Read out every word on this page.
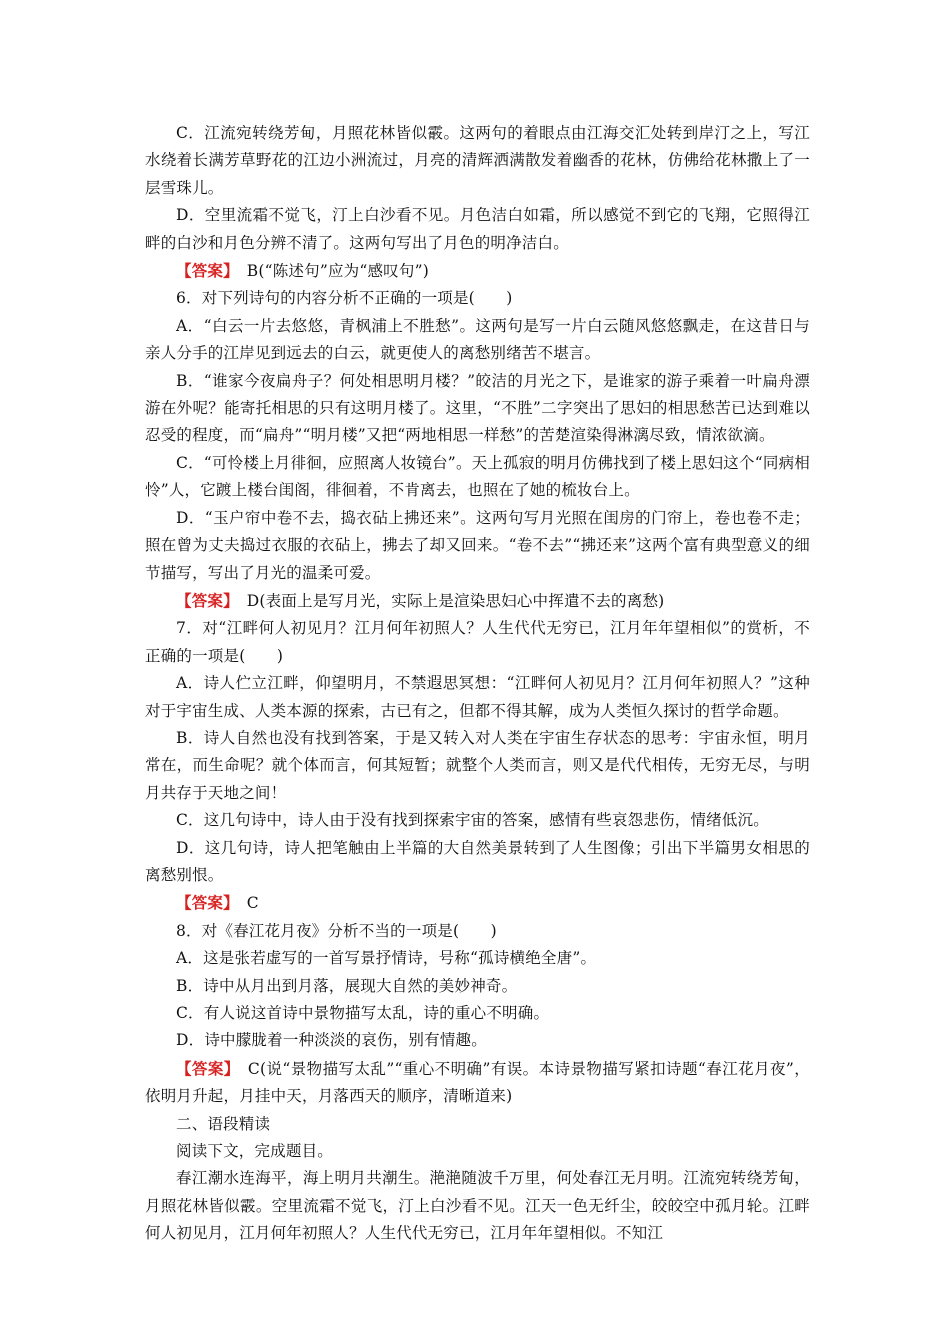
C．江流宛转绕芳甸，月照花林皆似霰。这两句的着眼点由江海交汇处转到岸汀之上，写江水绕着长满芳草野花的江边小洲流过，月亮的清辉洒满散发着幽香的花林，仿佛给花林撒上了一层雪珠儿。

D．空里流霜不觉飞，汀上白沙看不见。月色洁白如霜，所以感觉不到它的飞翔，它照得江畔的白沙和月色分辨不清了。这两句写出了月色的明净洁白。

【答案】　B(“陈述句”应为“感叹句”)

6．对下列诗句的内容分析不正确的一项是(　　)

A．“白云一片去悠悠，青枫浦上不胜愁”。这两句是写一片白云随风悠悠飘走，在这昔日与亲人分手的江岸见到远去的白云，就更使人的离愁别绪苦不堪言。

B．“谁家今夜扁舟子？何处相思明月楼？”皎洁的月光之下，是谁家的游子乘着一叶扁舟漂游在外呢？能寄托相思的只有这明月楼了。这里，“不胜”二字突出了思妇的相思愁苦已达到难以忍受的程度，而“扁舟”“明月楼”又把“两地相思一样愁”的苦楚渲染得淋漓尽致，情浓欲滴。

C．“可怜楼上月徘徊，应照离人妆镜台”。天上孤寂的明月仿佛找到了楼上思妇这个“同病相怜”人，它踱上楼台闺阁，徘徊着，不肯离去，也照在了她的梳妆台上。

D．“玉户帘中卷不去，捣衣砧上拂还来”。这两句写月光照在闺房的门帘上，卷也卷不走；照在曾为丈夫捣过衣服的衣砧上，拂去了却又回来。“卷不去”“拂还来”这两个富有典型意义的细节描写，写出了月光的温柔可爱。

【答案】　D(表面上是写月光，实际上是渲染思妇心中挥遣不去的离愁)

7．对“江畔何人初见月？江月何年初照人？人生代代无穷已，江月年年望相似”的赏析，不正确的一项是(　　)

A．诗人伫立江畔，仰望明月，不禁遐思冥想：“江畔何人初见月？江月何年初照人？”这种对于宇宙生成、人类本源的探索，古已有之，但都不得其解，成为人类恒久探讨的哲学命题。

B．诗人自然也没有找到答案，于是又转入对人类在宇宙生存状态的思考：宇宙永恒，明月常在，而生命呢？就个体而言，何其短暂；就整个人类而言，则又是代代相传，无穷无尽，与明月共存于天地之间！

C．这几句诗中，诗人由于没有找到探索宇宙的答案，感情有些哀怨悲伤，情绪低沉。

D．这几句诗，诗人把笔触由上半篇的大自然美景转到了人生图像；引出下半篇男女相思的离愁别恨。

【答案】　C

8．对《春江花月夜》分析不当的一项是(　　)

A．这是张若虚写的一首写景抒情诗，号称“孤诗横绝全唐”。

B．诗中从月出到月落，展现大自然的美妙神奇。

C．有人说这首诗中景物描写太乱，诗的重心不明确。

D．诗中朦胧着一种淡淡的哀伤，别有情趣。

【答案】　C(说“景物描写太乱”“重心不明确”有误。本诗景物描写紧扣诗题“春江花月夜”，依明月升起，月挂中天，月落西天的顺序，清晰道来)

二、语段精读

阅读下文，完成题目。

春江潮水连海平，海上明月共潮生。滟滟随波千万里，何处春江无月明。江流宛转绕芳甸，月照花林皆似霰。空里流霜不觉飞，汀上白沙看不见。江天一色无纤尘，皎皎空中孤月轮。江畔何人初见月，江月何年初照人？人生代代无穷已，江月年年望相似。不知江
